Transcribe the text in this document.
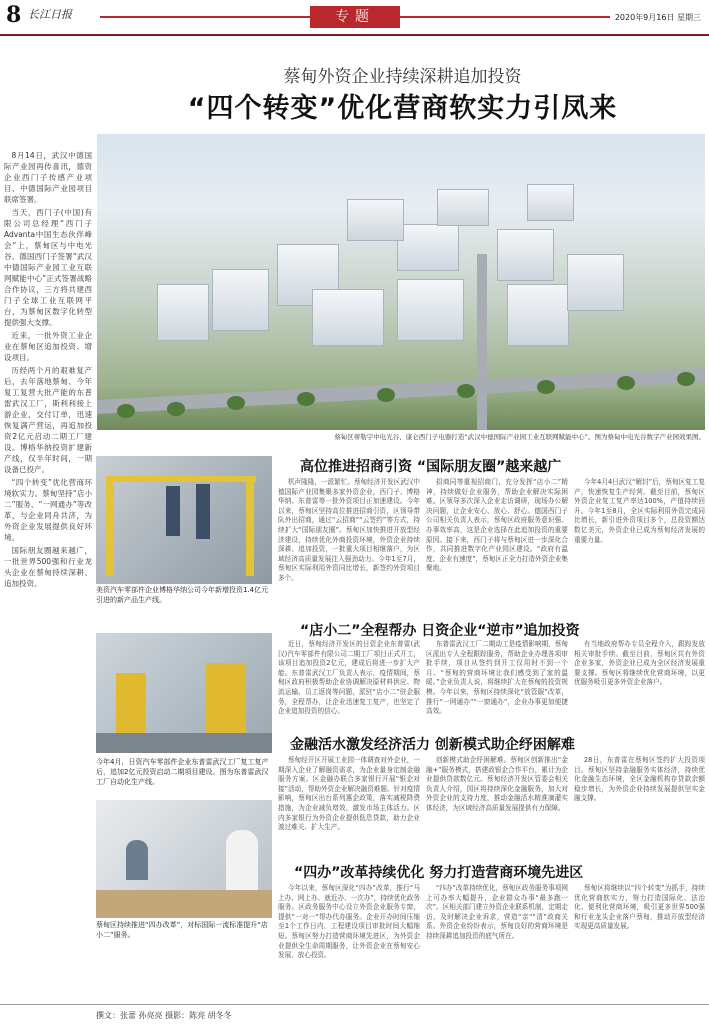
8 长江日报	专题	2020年9月16日 星期三

8月14日，武汉中德国际产业园再传喜讯，德资企业西门子传感产业项目、中德国际产业园项目联席签署。

当天，西门子(中国)有限公司总经理“西门子Advanta中国生态伙伴峰会”上，蔡甸区与中电光谷、德国西门子签署“武汉中德国际产业园工业互联网赋能中心”正式签署战略合作协议，三方将共建西门子全球工业互联网平台，为蔡甸区数字化转型提供强大支撑。

近来，一批外资工业企业在蔡甸区追加投资、增设项目。

历经两个月的艰难复产后，去年落地蔡甸、今年复工复营大批产能的东普雷武汉工厂，斯利利接上游企业，交付订单，迅速恢复满产营运，再追加投资2亿元启动二期工厂建设。博格华纳投资扩建新产线，仅半年时间，一期设备已投产。

“四个转变”优化营商环境软实力。蔡甸坚持“店小二”服务、“一网通办”等改革，与企业同舟共济，为外资企业发展提供良好环境。

国际朋友圈越来越广，一批世界500强和行业龙头企业在蔡甸持续深耕、追加投资。

蔡甸外资企业持续深耕追加投资
“四个转变”优化营商软实力引凤来
蔡甸区蒂勒宇中电光谷、康仑西门子电器打造“武汉中德国际产业园工业互联网赋能中心”。图为蔡甸中电光谷数字产业园效果图。
美资汽车零部件企业博格华纳公司今年新增投资1.4亿元引进的新产品生产线。
今年4月，日资汽车零部件企业东普雷武汉工厂复工复产后，追加2亿元投资启动二期项目建设。图为东普雷武汉工厂自动化生产线。
蔡甸区持续推进“四办改革”，对标国际一流标准提升“店小二”服务。
高位推进招商引资 “国际朋友圈”越来越广

机声隆隆，一派繁忙。蔡甸经济开发区武汉中德国际产业园集聚多家外资企业，西门子、博格华纳、东普雷等一批外资项目正加速建设。今年以来，蔡甸区坚持高位推进招商引资，区领导带队外出招商，通过“云招商”“云签约”等方式，持续扩大“国际朋友圈”。蔡甸区加快推进开放型经济建设，持续优化外商投资环境，外资企业持续深耕、追加投资，一批重大项目相继落户，为区域经济高质量发展注入强劲动力。今年1至7月，蔡甸区实际利用外资同比增长，新签约外资项目多个。

招商同等重视招商门，充分发挥“店小二”精神，持续做好企业服务，帮助企业解决实际困难。区领导多次深入企业走访调研，现场办公解决问题，让企业安心、放心、舒心。德国西门子公司相关负责人表示，蔡甸区政府服务意识强、办事效率高，这是企业选择在此追加投资的重要原因。接下来，西门子将与蔡甸区进一步深化合作，共同推进数字化产业园区建设。“政府有温度、企业有速度”，蔡甸区正全力打造外资企业集聚地。

今年4月4日武汉“解封”后，蔡甸区复工复产，快速恢复生产经营。截至目前，蔡甸区外资企业复工复产率达100%，产值持续回升。今年1至8月，全区实际利用外资完成同比增长，新引进外资项目多个，总投资额达数亿美元，外资企业已成为蔡甸经济发展的重要力量。

“店小二”全程帮办 日资企业“逆市”追加投资

近日，蔡甸经济开发区的日资企业东普雷(武汉)汽车零部件有限公司二期工厂项目正式开工，该项目追加投资2亿元，建成后将进一步扩大产能。东普雷武汉工厂负责人表示，疫情期间，蔡甸区政府积极帮助企业协调解决原材料供应、物流运输、员工返岗等问题，派驻“店小二”驻企服务，全程帮办，让企业迅速复工复产，也坚定了企业追加投资的信心。

东普雷武汉工厂二期动工是疫情影响期，蔡甸区派出专人全程跟踪服务，帮助企业办理各项审批手续，项目从签约到开工仅用时不到一个月。“蔡甸的营商环境让我们感受到了家的温暖。”企业负责人说，将继续扩大在蔡甸的投资规模。今年以来，蔡甸区持续深化“放管服”改革，推行“一网通办”“一窗通办”，企业办事更加便捷高效。

有当地政府帮办专员全程介入，跟踪发放相关审批手续。截至目前，蔡甸区共有外资企业多家，外资企业已成为全区经济发展重要支撑。蔡甸区将继续优化营商环境，以更优服务吸引更多外资企业落户。

金融活水激发经济活力 创新模式助企纾困解难

蔡甸经开区开展工业园一体调查对外企业，一期深入企业了解融资需求，为企业量身定制金融服务方案。区金融办联合多家银行开展“银企对接”活动，帮助外资企业解决融资难题。针对疫情影响，蔡甸区出台系列惠企政策，落实减税降费措施，为企业减负增效，激发市场主体活力。区内多家银行为外资企业提供低息贷款，助力企业渡过难关、扩大生产。

创新模式助企纾困解难。蔡甸区创新推出“金融+”服务模式，搭建政银企合作平台，累计为企业提供贷款数亿元。蔡甸经济开发区管委会相关负责人介绍，园区将持续深化金融服务，加大对外资企业的支持力度，推动金融活水精准滴灌实体经济，为区域经济高质量发展提供有力保障。

28日，东普雷在蔡甸区签约扩大投资项目。蔡甸区坚持金融服务实体经济，持续优化金融生态环境，全区金融机构存贷款余额稳步增长，为外资企业持续发展提供坚实金融支撑。

“四办”改革持续优化 努力打造营商环境先进区

今年以来，蔡甸区深化“四办”改革，推行“马上办、网上办、就近办、一次办”，持续优化政务服务。区政务服务中心设立外资企业服务专窗，提供“一对一”帮办代办服务。企业开办时间压缩至1个工作日内，工程建设项目审批时间大幅缩短。蔡甸区努力打造营商环境先进区，为外资企业提供全生命周期服务，让外资企业在蔡甸安心发展、放心投资。

“四办”改革持续优化，蔡甸区政务服务事项网上可办率大幅提升，企业群众办事“最多跑一次”。区相关部门建立外资企业联系机制，定期走访、及时解决企业诉求，营造“亲”“清”政商关系。外资企业纷纷表示，蔡甸良好的营商环境是持续深耕追加投资的底气所在。

蔡甸区将继续以“四个转变”为抓手，持续优化营商软实力，努力打造国际化、法治化、便利化营商环境，吸引更多世界500强和行业龙头企业落户蔡甸，推动开放型经济实现更高质量发展。

撰文：张蕾 孙亮亮 摄影：陈亮 胡冬冬
